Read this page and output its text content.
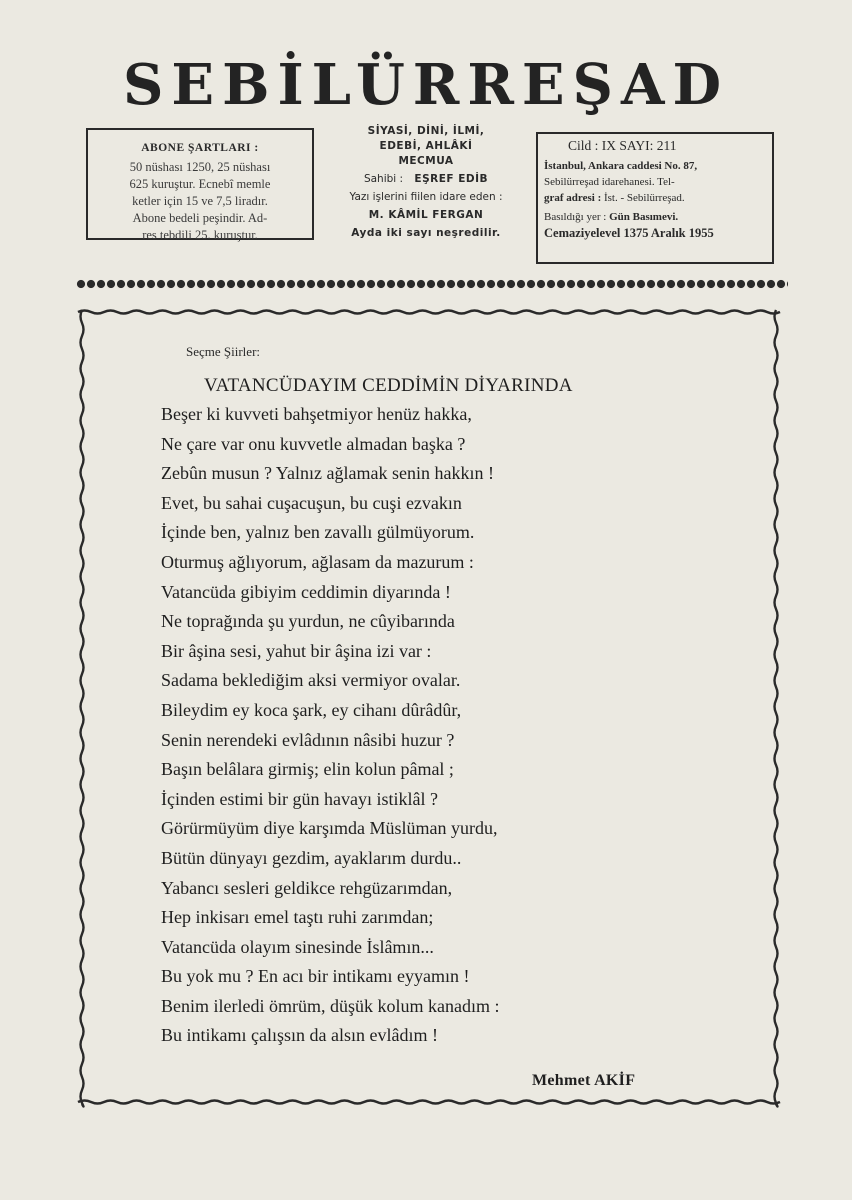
SEBİLÜRREŞAD
ABONE ŞARTLARI :
50 nüshası 1250, 25 nüshası
625 kuruştur. Ecnebî memle
ketler için 15 ve 7,5 liradır.
Abone bedeli peşindir. Ad-
res tebdili 25. kuruştur.
SİYASİ, DİNİ, İLMİ,
EDEBİ, AHLÂKİ
MECMUA
Sahibi : EŞREF EDİB
Yazı işlerini fiilen idare eden :
M. KÂMİL FERGAN
Ayda iki sayı neşredilir.
Cild : IX SAYI: 211
İstanbul, Ankara caddesi No. 87,
Sebilürreşad idarehanesi. Tel-
graf adresi : İst. - Sebilürreşad.
Basıldığı yer : Gün Basımevi.
Cemaziyelevel 1375 Aralık 1955
Seçme Şiirler:
VATANCÜDAYIM CEDDİMİN DİYARINDA
Beşer ki kuvveti bahşetmiyor henüz hakka,
Ne çare var onu kuvvetle almadan başka ?
Zebûn musun ? Yalnız ağlamak senin hakkın !
Evet, bu sahai cuşacuşun, bu cuşi ezvakın
İçinde ben, yalnız ben zavallı gülmüyorum.
Oturmuş ağlıyorum, ağlasam da mazurum :
Vatancüda gibiyim ceddimin diyarında !
Ne toprağında şu yurdun, ne cûyibarında
Bir âşina sesi, yahut bir âşina izi var :
Sadama beklediğim aksi vermiyor ovalar.
Bileydim ey koca şark, ey cihanı dûrâdûr,
Senin nerendeki evlâdının nâsibi huzur ?
Başın belâlara girmiş; elin kolun pâmal ;
İçinden estimi bir gün havayı istiklâl ?
Görürmüyüm diye karşımda Müslüman yurdu,
Bütün dünyayı gezdim, ayaklarım durdu..
Yabancı sesleri geldikce rehgüzarımdan,
Hep inkisarı emel taştı ruhi zarımdan;
Vatancüda olayım sinesinde İslâmın...
Bu yok mu ? En acı bir intikamı eyyamın !
Benim ilerledi ömrüm, düşük kolum kanadım :
Bu intikamı çalışsın da alsın evlâdım !
Mehmet AKİF
